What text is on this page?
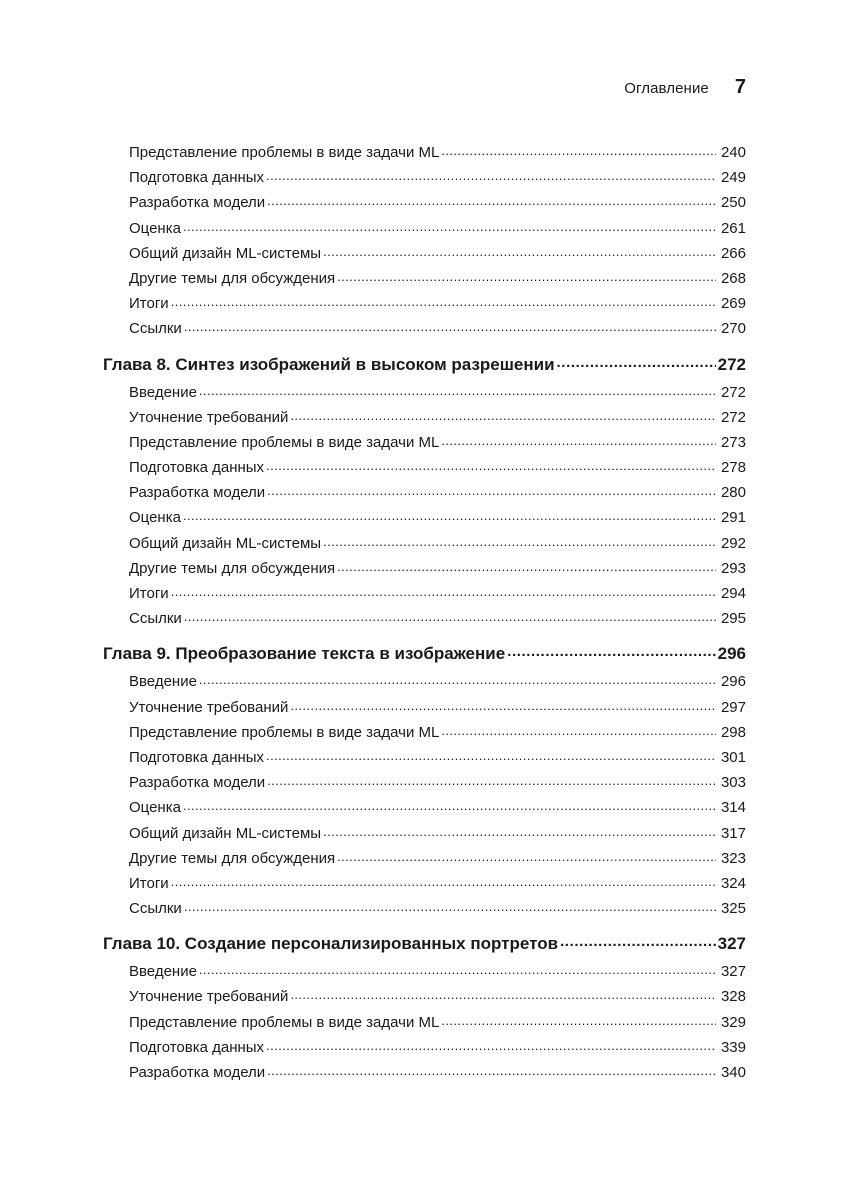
Оглавление 7
Представление проблемы в виде задачи ML .....	240
Подготовка данных .....	249
Разработка модели .....	250
Оценка .....	261
Общий дизайн ML-системы .....	266
Другие темы для обсуждения .....	268
Итоги .....	269
Ссылки .....	270
Глава 8. Синтез изображений в высоком разрешении .....	272
Введение .....	272
Уточнение требований .....	272
Представление проблемы в виде задачи ML .....	273
Подготовка данных .....	278
Разработка модели .....	280
Оценка .....	291
Общий дизайн ML-системы .....	292
Другие темы для обсуждения .....	293
Итоги .....	294
Ссылки .....	295
Глава 9. Преобразование текста в изображение .....	296
Введение .....	296
Уточнение требований .....	297
Представление проблемы в виде задачи ML .....	298
Подготовка данных .....	301
Разработка модели .....	303
Оценка .....	314
Общий дизайн ML-системы .....	317
Другие темы для обсуждения .....	323
Итоги .....	324
Ссылки .....	325
Глава 10. Создание персонализированных портретов .....	327
Введение .....	327
Уточнение требований .....	328
Представление проблемы в виде задачи ML .....	329
Подготовка данных .....	339
Разработка модели .....	340
